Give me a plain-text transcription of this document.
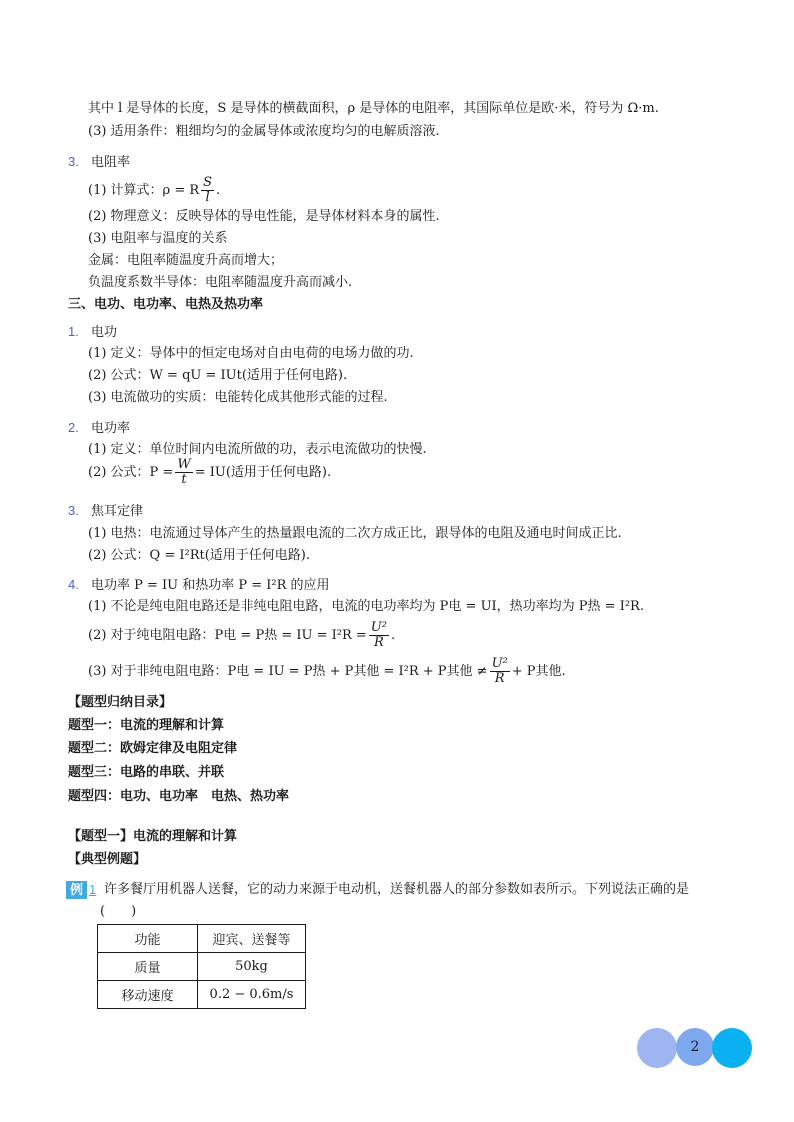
其中 l 是导体的长度，S 是导体的横截面积，ρ 是导体的电阻率，其国际单位是欧·米，符号为 Ω·m.
(3) 适用条件：粗细均匀的金属导体或浓度均匀的电解质溶液.
3. 电阻率
(1) 计算式：ρ = R $\frac{S}{l}$ .
(2) 物理意义：反映导体的导电性能，是导体材料本身的属性.
(3) 电阻率与温度的关系
金属：电阻率随温度升高而增大；
负温度系数半导体：电阻率随温度升高而减小.
三、电功、电功率、电热及热功率
1. 电功
(1) 定义：导体中的恒定电场对自由电荷的电场力做的功.
(2) 公式：W = qU = IUt(适用于任何电路).
(3) 电流做功的实质：电能转化成其他形式能的过程.
2. 电功率
(1) 定义：单位时间内电流所做的功，表示电流做功的快慢.
(2) 公式：$P = \frac{W}{t} = IU$(适用于任何电路).
3. 焦耳定律
(1) 电热：电流通过导体产生的热量跟电流的二次方成正比，跟导体的电阻及通电时间成正比.
(2) 公式：Q = I²Rt(适用于任何电路).
4. 电功率 P = IU 和热功率 P = I²R 的应用
(1) 不论是纯电阻电路还是非纯电阻电路，电流的电功率均为 P电 = UI，热功率均为 P热 = I²R.
(2) 对于纯电阻电路：P电 = P热 = IU = $I^2R = \frac{\text{U²}}{R}$ .
(3) 对于非纯电阻电路：P电 = IU = P热 + P其他 = I²R + P其他 ≠ $\frac{\text{U²}}{R} + P$其他.
【题型归纳目录】
题型一：电流的理解和计算
题型二：欧姆定律及电阻定律
题型三：电路的串联、并联
题型四：电功、电功率　电热、热功率
【题型一】电流的理解和计算
【典型例题】
例 1 许多餐厅用机器人送餐，它的动力来源于电动机，送餐机器人的部分参数如表所示。下列说法正确的是
(　　)
功能	迎宾、送餐等
质量	50kg
移动速度	0.2 − 0.6m/s
2
